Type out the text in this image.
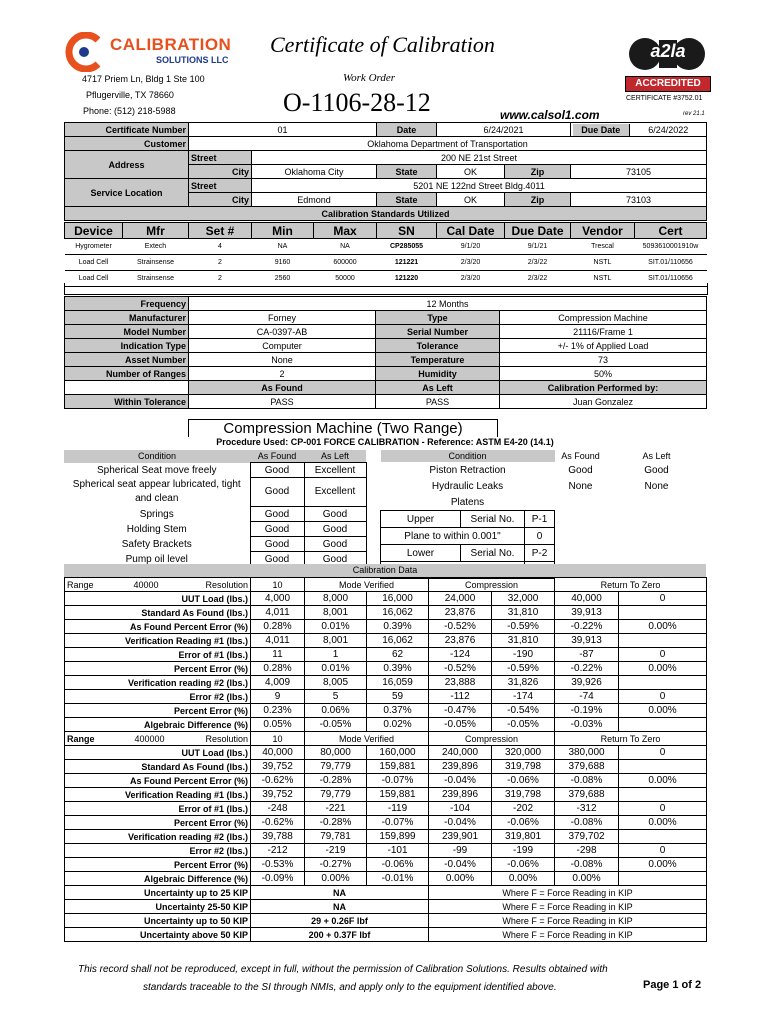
CALIBRATION
SOLUTIONS LLC
4717 Priem Ln, Bldg 1 Ste 100
Pflugerville, TX 78660
Phone: (512) 218-5988
Certificate of Calibration
Work Order
O-1106-28-12	www.calsol1.com
a2la
ACCREDITED
CERTIFICATE #3752.01
rev 21.1
Certificate Number	01		Date	6/24/2021		Due Date 6/24/2022
Customer	Oklahoma Department of Transportation					
Address	Street	200 NE 21st Street				
	City	Oklahoma City	State	OK	Zip	73105
Service Location	Street	5201 NE 122nd Street Bldg.4011				
	City	Edmond	State	OK	Zip	73103
Calibration Standards Utilized						
Device	Mfr	Set #	Min	Max	SN	Cal Date	Due Date	Vendor	Cert
Hygrometer	Extech	4	NA	NA	CP285055	9/1/20	9/1/21	Trescal	5093610001910w
Load Cell	Strainsense	2	9160	600000	121221	2/3/20	2/3/22	NSTL	SIT.01/110656
Load Cell	Strainsense	2	2560	50000	121220	2/3/20	2/3/22	NSTL	SIT.01/110656
Frequency	12 Months		
Manufacturer	Forney	Type	Compression Machine
Model Number	CA-0397-AB	Serial Number	21116/Frame 1
Indication Type	Computer	Tolerance	+/- 1% of Applied Load
Asset Number	None	Temperature	73
Number of Ranges	2	Humidity	50%
	As Found	As Left	Calibration Performed by:
Within Tolerance	PASS	PASS	Juan Gonzalez
Compression Machine (Two Range)
Procedure Used: CP-001 FORCE CALIBRATION - Reference: ASTM E4-20 (14.1)
Condition	As Found	As Left
Spherical Seat move freely	Good	Excellent
Spherical seat appear lubricated, tight and clean	Good	Excellent
Springs	Good	Good
Holding Stem	Good	Good
Safety Brackets	Good	Good
Pump oil level	Good	Good
Condition			As Found	As Left
Piston Retraction			Good	Good
Hydraulic Leaks			None	None
Platens				
Upper	Serial No.	P-1		
Plane to within 0.001"		0		
Lower	Serial No.	P-2		

Calibration Data
Range Resolution
40000	10	Mode Verified		Compression		Return To Zero	
UUT Load (lbs.)	4,000	8,000	16,000	24,000	32,000	40,000	0
Standard As Found (lbs.)	4,011	8,001	16,062	23,876	31,810	39,913	
As Found Percent Error (%)	0.28%	0.01%	0.39%	-0.52%	-0.59%	-0.22%	0.00%
Verification Reading #1 (lbs.)	4,011	8,001	16,062	23,876	31,810	39,913	
Error of #1 (lbs.)	11	1	62	-124	-190	-87	0
Percent Error (%)	0.28%	0.01%	0.39%	-0.52%	-0.59%	-0.22%	0.00%
Verification reading #2 (lbs.)	4,009	8,005	16,059	23,888	31,826	39,926	
Error #2 (lbs.)	9	5	59	-112	-174	-74	0
Percent Error (%)	0.23%	0.06%	0.37%	-0.47%	-0.54%	-0.19%	0.00%
Algebraic Difference (%)	0.05%	-0.05%	0.02%	-0.05%	-0.05%	-0.03%	

Range Resolution
400000	10	Mode Verified		Compression		Return To Zero	
UUT Load (lbs.)	40,000	80,000	160,000	240,000	320,000	380,000	0
Standard As Found (lbs.)	39,752	79,779	159,881	239,896	319,798	379,688	
As Found Percent Error (%)	-0.62%	-0.28%	-0.07%	-0.04%	-0.06%	-0.08%	0.00%
Verification Reading #1 (lbs.)	39,752	79,779	159,881	239,896	319,798	379,688	
Error of #1 (lbs.)	-248	-221	-119	-104	-202	-312	0
Percent Error (%)	-0.62%	-0.28%	-0.07%	-0.04%	-0.06%	-0.08%	0.00%
Verification reading #2 (lbs.)	39,788	79,781	159,899	239,901	319,801	379,702	
Error #2 (lbs.)	-212	-219	-101	-99	-199	-298	0
Percent Error (%)	-0.53%	-0.27%	-0.06%	-0.04%	-0.06%	-0.08%	0.00%
Algebraic Difference (%)	-0.09%	0.00%	-0.01%	0.00%	0.00%	0.00%	
Uncertainty up to 25 KIP	NA			Where F = Force Reading in KIP			
Uncertainty 25-50 KIP	NA			Where F = Force Reading in KIP			
Uncertainty up to 50 KIP	29 + 0.26F lbf			Where F = Force Reading in KIP			
Uncertainty above 50 KIP	200 + 0.37F lbf			Where F = Force Reading in KIP			
This record shall not be reproduced, except in full, without the permission of Calibration Solutions. Results obtained with
standards traceable to the SI through NMIs, and apply only to the equipment identified above.	Page 1 of 2
